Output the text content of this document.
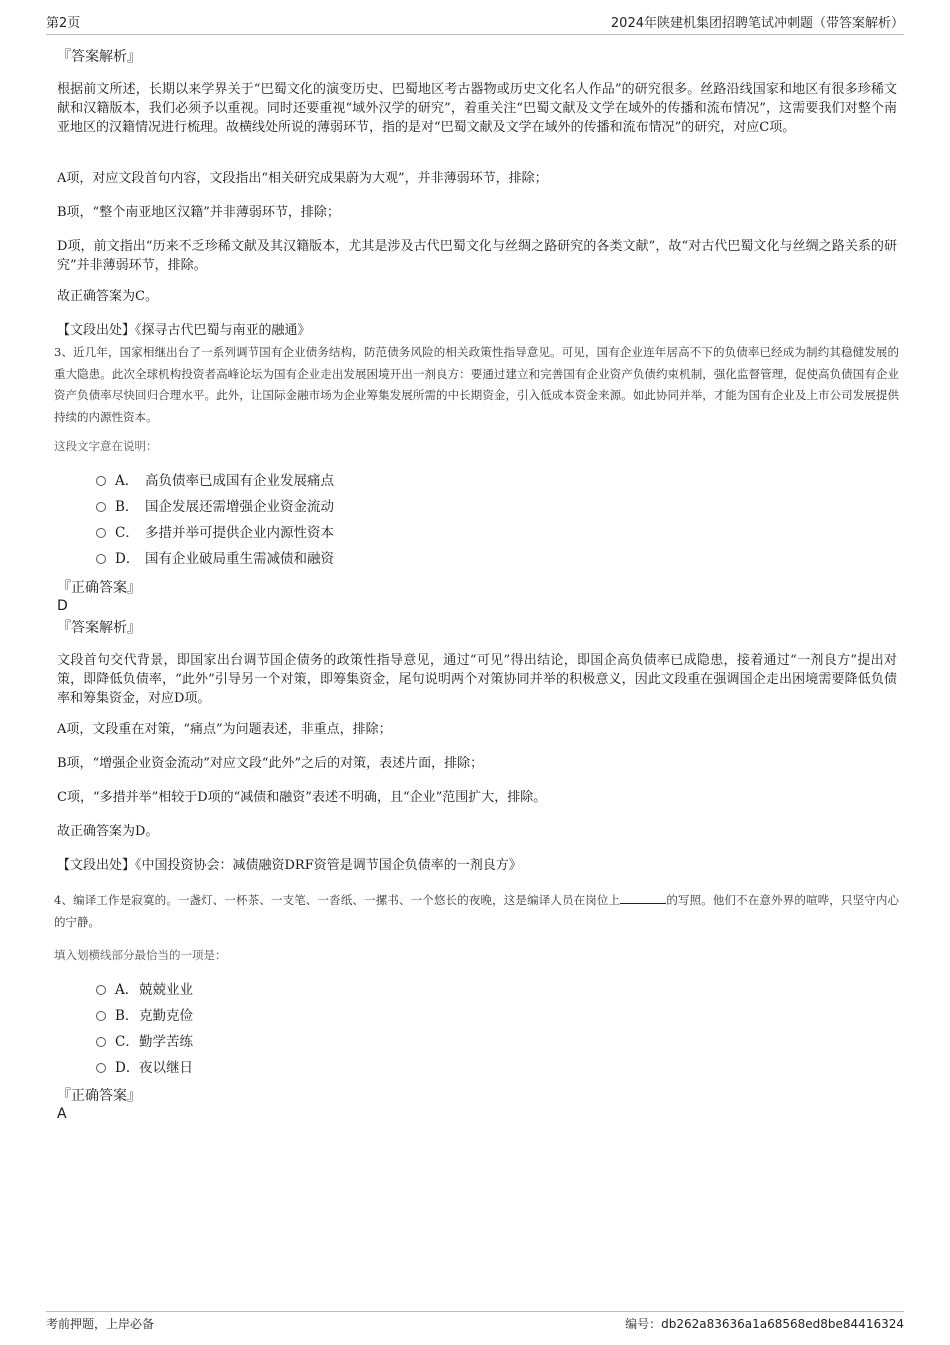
第2页	2024年陕建机集团招聘笔试冲刺题（带答案解析）
『答案解析』
根据前文所述，长期以来学界关于“巴蜀文化的演变历史、巴蜀地区考古器物或历史文化名人作品”的研究很多。丝路沿线国家和地区有很多珍稀文献和汉籍版本，我们必须予以重视。同时还要重视“域外汉学的研究”，着重关注“巴蜀文献及文学在域外的传播和流布情况”，这需要我们对整个南亚地区的汉籍情况进行梳理。故横线处所说的薄弱环节，指的是对“巴蜀文献及文学在域外的传播和流布情况”的研究，对应C项。
A项，对应文段首句内容，文段指出“相关研究成果蔚为大观”，并非薄弱环节，排除；
B项，“整个南亚地区汉籍”并非薄弱环节，排除；
D项，前文指出“历来不乏珍稀文献及其汉籍版本，尤其是涉及古代巴蜀文化与丝绸之路研究的各类文献”，故“对古代巴蜀文化与丝绸之路关系的研究”并非薄弱环节，排除。
故正确答案为C。
【文段出处】《探寻古代巴蜀与南亚的融通》
3、近几年，国家相继出台了一系列调节国有企业债务结构，防范债务风险的相关政策性指导意见。可见，国有企业连年居高不下的负债率已经成为制约其稳健发展的重大隐患。此次全球机构投资者高峰论坛为国有企业走出发展困境开出一剂良方：要通过建立和完善国有企业资产负债约束机制，强化监督管理，促使高负债国有企业资产负债率尽快回归合理水平。此外，让国际金融市场为企业筹集发展所需的中长期资金，引入低成本资金来源。如此协同并举，才能为国有企业及上市公司发展提供持续的内源性资本。
这段文字意在说明：
A． 高负债率已成国有企业发展痛点
B． 国企发展还需增强企业资金流动
C． 多措并举可提供企业内源性资本
D． 国有企业破局重生需减债和融资
『正确答案』
D
『答案解析』
文段首句交代背景，即国家出台调节国企债务的政策性指导意见，通过“可见”得出结论，即国企高负债率已成隐患，接着通过“一剂良方”提出对策，即降低负债率，“此外”引导另一个对策，即筹集资金，尾句说明两个对策协同并举的积极意义，因此文段重在强调国企走出困境需要降低负债率和筹集资金，对应D项。
A项，文段重在对策，“痛点”为问题表述，非重点，排除；
B项，“增强企业资金流动”对应文段“此外”之后的对策，表述片面，排除；
C项，“多措并举”相较于D项的“减债和融资”表述不明确，且“企业”范围扩大，排除。
故正确答案为D。
【文段出处】《中国投资协会：减债融资DRF资管是调节国企负债率的一剂良方》
4、编译工作是寂寞的。一盏灯、一杯茶、一支笔、一沓纸、一摞书、一个悠长的夜晚，这是编译人员在岗位上	的写照。他们不在意外界的喧哗，只坚守内心的宁静。
填入划横线部分最恰当的一项是：
A．兢兢业业
B．克勤克俭
C．勤学苦练
D．夜以继日
『正确答案』
A
考前押题，上岸必备	编号：db262a83636a1a68568ed8be84416324
